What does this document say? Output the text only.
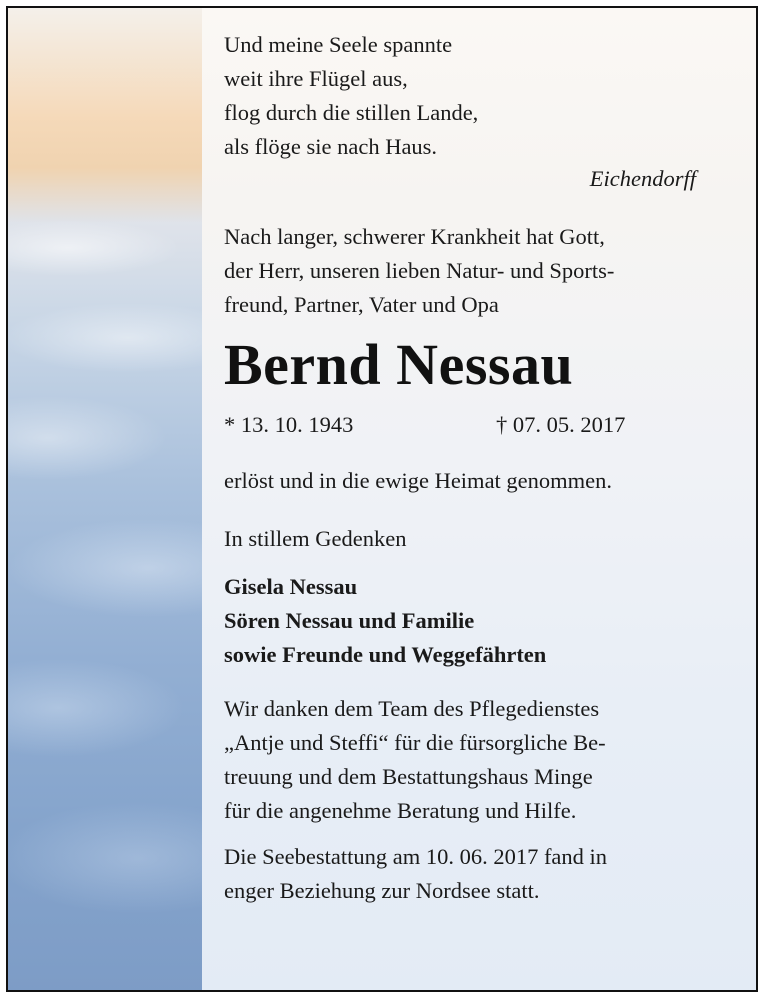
Und meine Seele spannte

weit ihre Flügel aus,

flog durch die stillen Lande,

als flöge sie nach Haus.

Eichendorff

Nach langer, schwerer Krankheit hat Gott,

der Herr, unseren lieben Natur- und Sports-

freund, Partner, Vater und Opa

Bernd Nessau

* 13. 10. 1943	† 07. 05. 2017

erlöst und in die ewige Heimat genommen.

In stillem Gedenken

Gisela Nessau

Sören Nessau und Familie

sowie Freunde und Weggefährten

Wir danken dem Team des Pflegedienstes

„Antje und Steffi“ für die fürsorgliche Be-

treuung und dem Bestattungshaus Minge

für die angenehme Beratung und Hilfe.

Die Seebestattung am 10. 06. 2017 fand in

enger Beziehung zur Nordsee statt.
